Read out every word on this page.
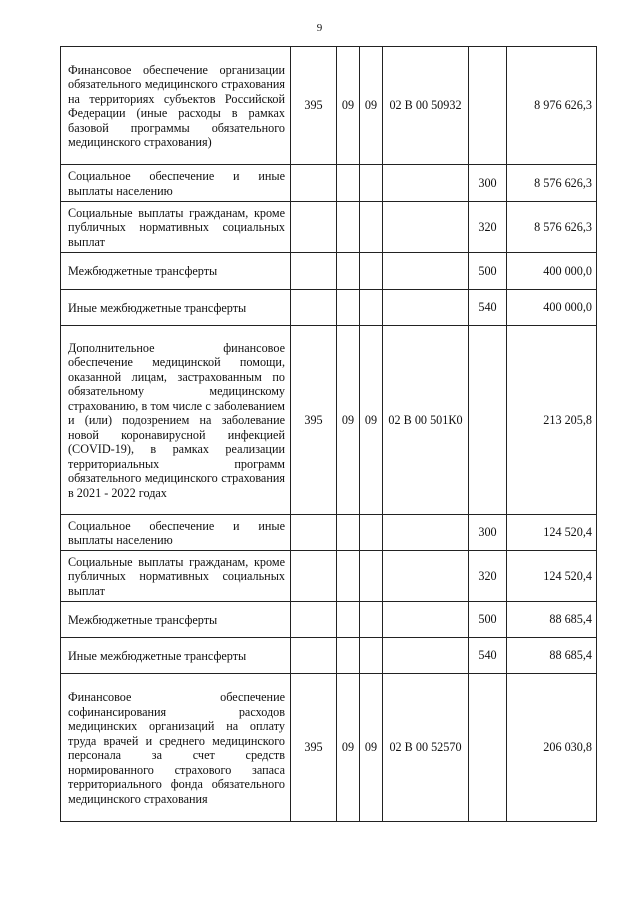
9
Финансовое обеспечение организации обязательного медицинского страхования на территориях субъектов Российской Федерации (иные расходы в рамках базовой программы обязательного медицинского страхования)	395	09	09	02 В 00 50932		8 976 626,3
Социальное обеспечение и иные выплаты населению					300	8 576 626,3
Социальные выплаты гражданам, кроме публичных нормативных социальных выплат					320	8 576 626,3
Межбюджетные трансферты					500	400 000,0
Иные межбюджетные трансферты					540	400 000,0
Дополнительное финансовое обеспечение медицинской помощи, оказанной лицам, застрахованным по обязательному медицинскому страхованию, в том числе с заболеванием и (или) подозрением на заболевание новой коронавирусной инфекцией (COVID-19), в рамках реализации территориальных программ обязательного медицинского страхования в 2021 - 2022 годах	395	09	09	02 В 00 501К0		213 205,8
Социальное обеспечение и иные выплаты населению					300	124 520,4
Социальные выплаты гражданам, кроме публичных нормативных социальных выплат					320	124 520,4
Межбюджетные трансферты					500	88 685,4
Иные межбюджетные трансферты					540	88 685,4
Финансовое обеспечение софинансирования расходов медицинских организаций на оплату труда врачей и среднего медицинского персонала за счет средств нормированного страхового запаса территориального фонда обязательного медицинского страхования	395	09	09	02 В 00 52570		206 030,8
